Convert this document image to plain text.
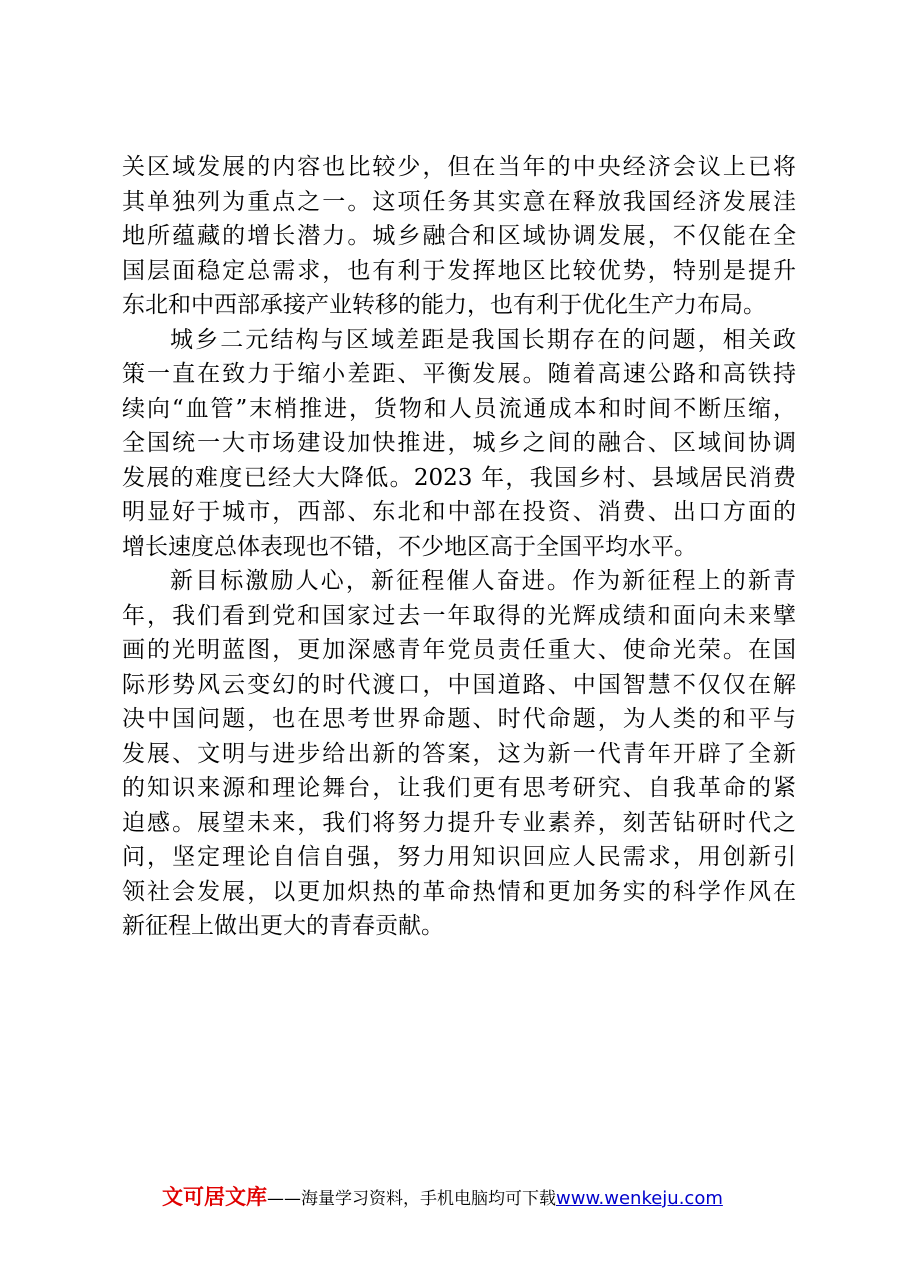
关区域发展的内容也比较少，但在当年的中央经济会议上已将
其单独列为重点之一。这项任务其实意在释放我国经济发展洼
地所蕴藏的增长潜力。城乡融合和区域协调发展，不仅能在全
国层面稳定总需求，也有利于发挥地区比较优势，特别是提升
东北和中西部承接产业转移的能力，也有利于优化生产力布局。
城乡二元结构与区域差距是我国长期存在的问题，相关政
策一直在致力于缩小差距、平衡发展。随着高速公路和高铁持
续向“血管”末梢推进，货物和人员流通成本和时间不断压缩，
全国统一大市场建设加快推进，城乡之间的融合、区域间协调
发展的难度已经大大降低。2023 年，我国乡村、县域居民消费
明显好于城市，西部、东北和中部在投资、消费、出口方面的
增长速度总体表现也不错，不少地区高于全国平均水平。
新目标激励人心，新征程催人奋进。作为新征程上的新青
年，我们看到党和国家过去一年取得的光辉成绩和面向未来擘
画的光明蓝图，更加深感青年党员责任重大、使命光荣。在国
际形势风云变幻的时代渡口，中国道路、中国智慧不仅仅在解
决中国问题，也在思考世界命题、时代命题，为人类的和平与
发展、文明与进步给出新的答案，这为新一代青年开辟了全新
的知识来源和理论舞台，让我们更有思考研究、自我革命的紧
迫感。展望未来，我们将努力提升专业素养，刻苦钻研时代之
问，坚定理论自信自强，努力用知识回应人民需求，用创新引
领社会发展，以更加炽热的革命热情和更加务实的科学作风在
新征程上做出更大的青春贡献。
文可居文库——海量学习资料，手机电脑均可下载www.wenkeju.com
